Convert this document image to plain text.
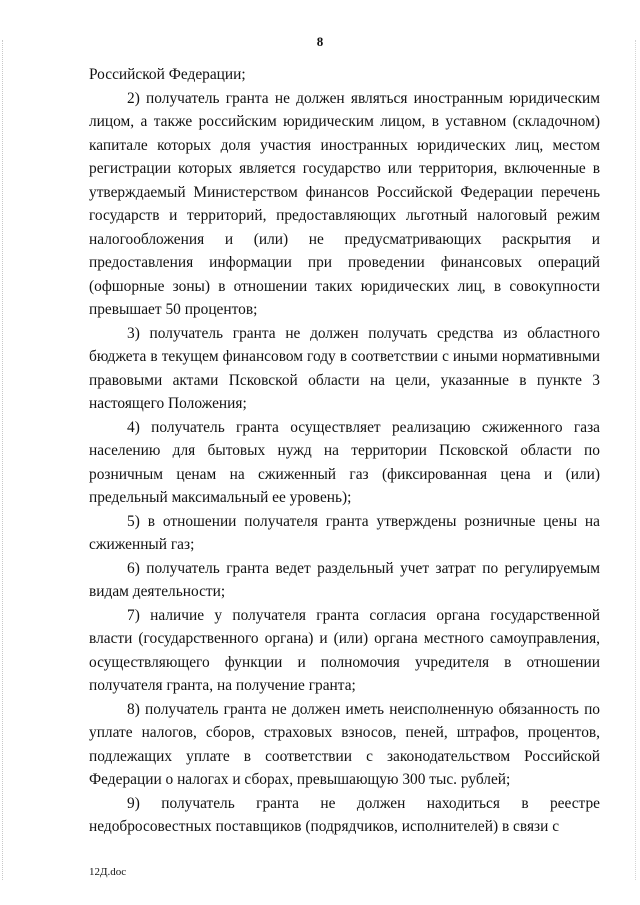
8

Российской Федерации;

2) получатель гранта не должен являться иностранным юридическим лицом, а также российским юридическим лицом, в уставном (складочном) капитале которых доля участия иностранных юридических лиц, местом регистрации которых является государство или территория, включенные в утверждаемый Министерством финансов Российской Федерации перечень государств и территорий, предоставляющих льготный налоговый режим налогообложения и (или) не предусматривающих раскрытия и предоставления информации при проведении финансовых операций (офшорные зоны) в отношении таких юридических лиц, в совокупности превышает 50 процентов;

3) получатель гранта не должен получать средства из областного бюджета в текущем финансовом году в соответствии с иными нормативными правовыми актами Псковской области на цели, указанные в пункте 3 настоящего Положения;

4) получатель гранта осуществляет реализацию сжиженного газа населению для бытовых нужд на территории Псковской области по розничным ценам на сжиженный газ (фиксированная цена и (или) предельный максимальный ее уровень);

5) в отношении получателя гранта утверждены розничные цены на сжиженный газ;

6) получатель гранта ведет раздельный учет затрат по регулируемым видам деятельности;

7) наличие у получателя гранта согласия органа государственной власти (государственного органа) и (или) органа местного самоуправления, осуществляющего функции и полномочия учредителя в отношении получателя гранта, на получение гранта;

8) получатель гранта не должен иметь неисполненную обязанность по уплате налогов, сборов, страховых взносов, пеней, штрафов, процентов, подлежащих уплате в соответствии с законодательством Российской Федерации о налогах и сборах, превышающую 300 тыс. рублей;

9) получатель гранта не должен находиться в реестре недобросовестных поставщиков (подрядчиков, исполнителей) в связи с

12Д.doc
